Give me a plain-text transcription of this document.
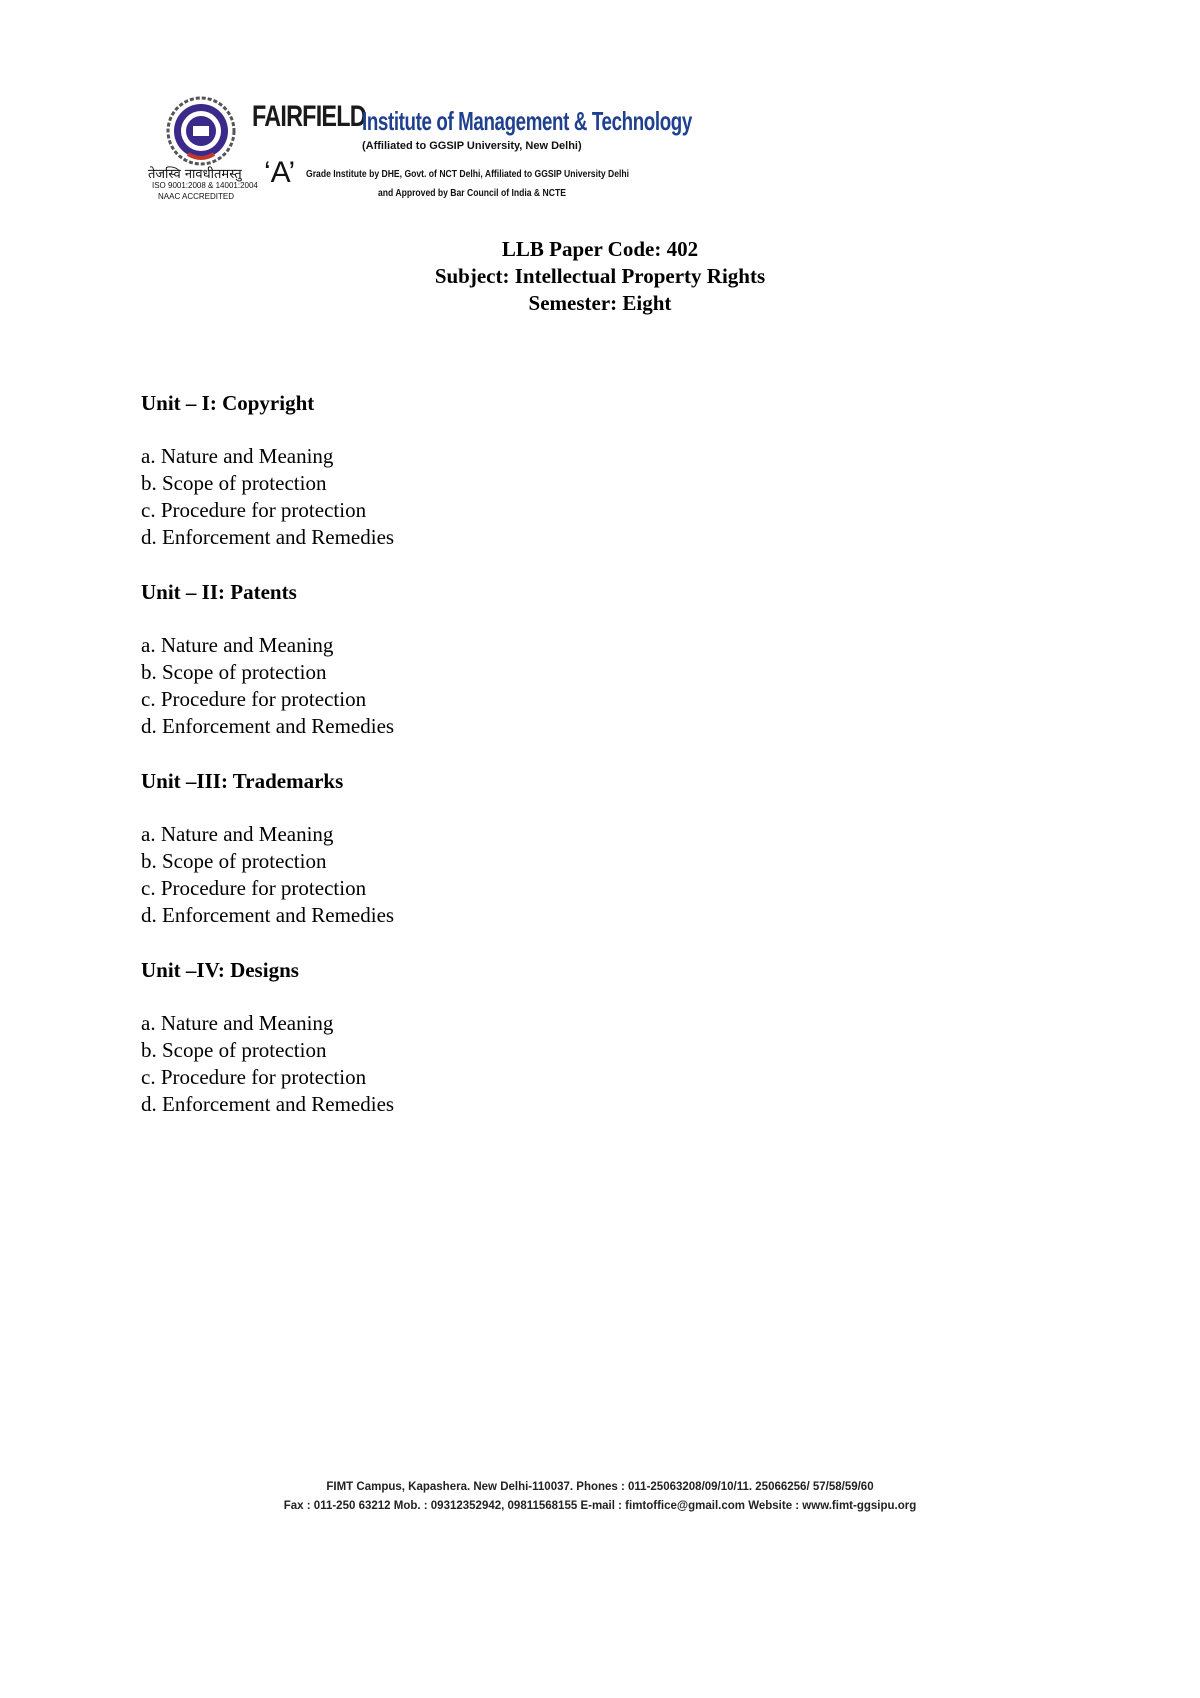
तेजस्वि नावधीतमस्तु
ISO 9001:2008 & 14001:2004
NAAC ACCREDITED
FAIRFIELD
Institute of Management & Technology
(Affiliated to GGSIP University, New Delhi)
‘A’ Grade Institute by DHE, Govt. of NCT Delhi, Affiliated to GGSIP University Delhi
and Approved by Bar Council of India & NCTE
LLB Paper Code: 402
Subject: Intellectual Property Rights
Semester: Eight

Unit – I: Copyright

a. Nature and Meaning

b. Scope of protection

c. Procedure for protection

d. Enforcement and Remedies

Unit – II: Patents

a. Nature and Meaning

b. Scope of protection

c. Procedure for protection

d. Enforcement and Remedies

Unit –III: Trademarks

a. Nature and Meaning

b. Scope of protection

c. Procedure for protection

d. Enforcement and Remedies

Unit –IV: Designs

a. Nature and Meaning

b. Scope of protection

c. Procedure for protection

d. Enforcement and Remedies

FIMT Campus, Kapashera. New Delhi-110037. Phones : 011-25063208/09/10/11. 25066256/ 57/58/59/60
Fax : 011-250 63212 Mob. : 09312352942, 09811568155 E-mail : fimtoffice@gmail.com Website : www.fimt-ggsipu.org
